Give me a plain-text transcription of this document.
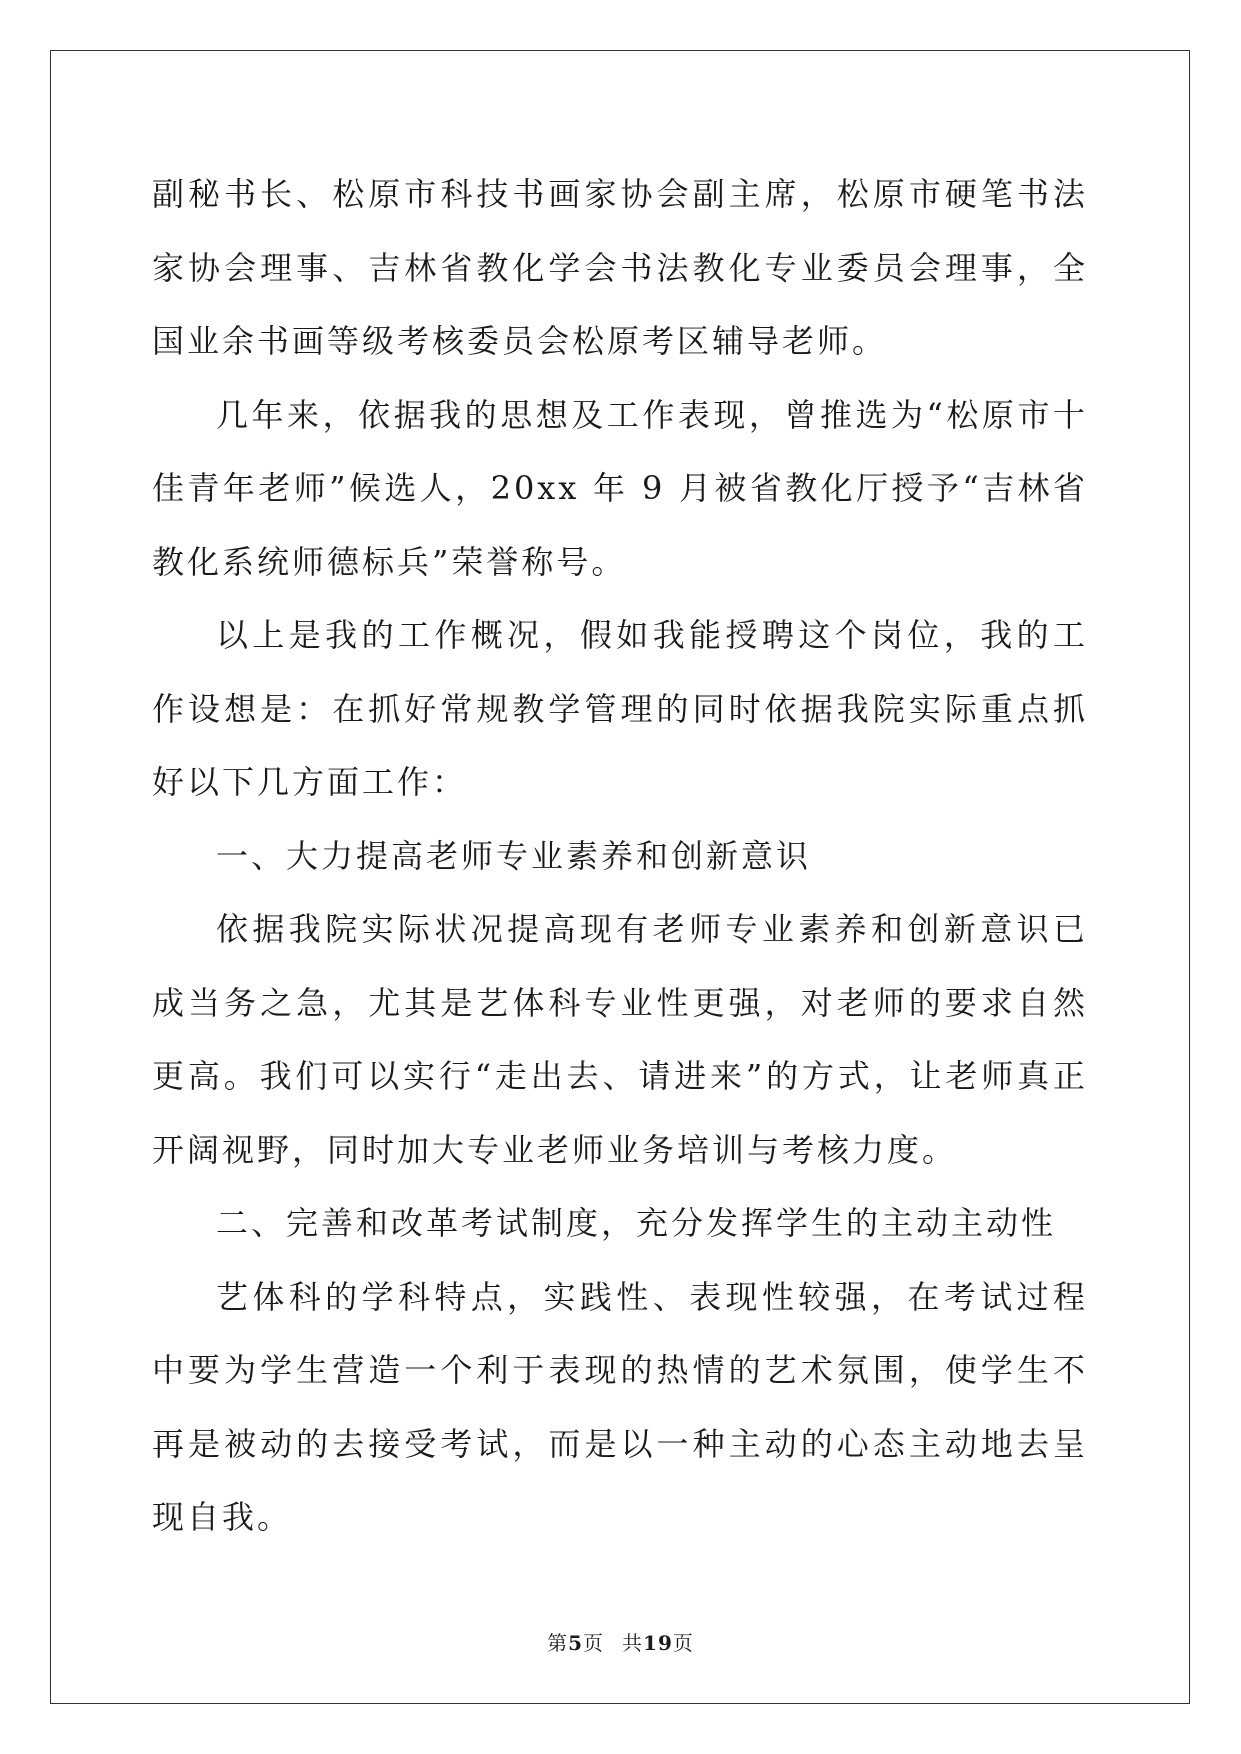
副秘书长、松原市科技书画家协会副主席，松原市硬笔书法家协会理事、吉林省教化学会书法教化专业委员会理事，全国业余书画等级考核委员会松原考区辅导老师。

几年来，依据我的思想及工作表现，曾推选为“松原市十佳青年老师”候选人，20xx 年 9 月被省教化厅授予“吉林省教化系统师德标兵”荣誉称号。

以上是我的工作概况，假如我能授聘这个岗位，我的工作设想是：在抓好常规教学管理的同时依据我院实际重点抓好以下几方面工作：

一、大力提高老师专业素养和创新意识

依据我院实际状况提高现有老师专业素养和创新意识已成当务之急，尤其是艺体科专业性更强，对老师的要求自然更高。我们可以实行“走出去、请进来”的方式，让老师真正开阔视野，同时加大专业老师业务培训与考核力度。

二、完善和改革考试制度，充分发挥学生的主动主动性

艺体科的学科特点，实践性、表现性较强，在考试过程中要为学生营造一个利于表现的热情的艺术氛围，使学生不再是被动的去接受考试，而是以一种主动的心态主动地去呈现自我。

第5页 共19页
